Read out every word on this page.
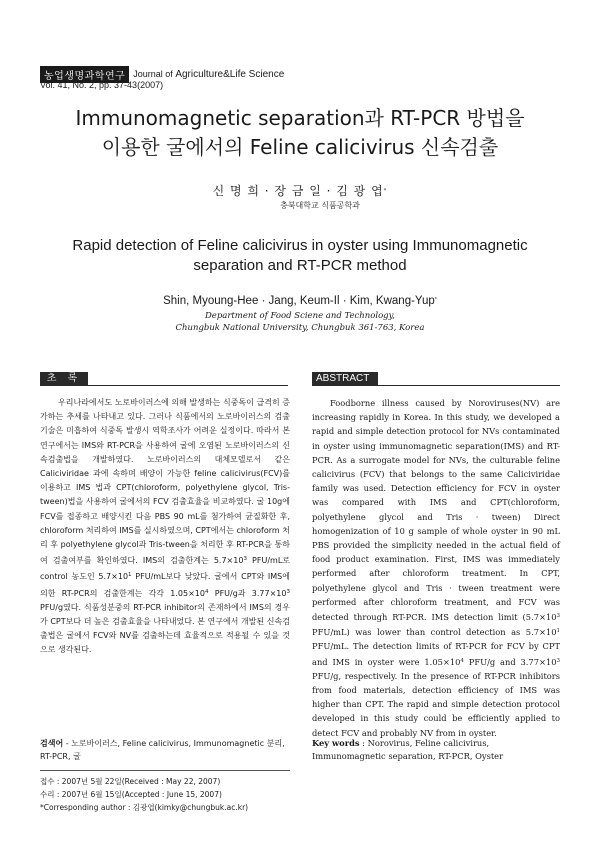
농업생명과학연구 Journal of Agriculture&Life Science
Vol. 41, No. 2, pp. 37-43(2007)
Immunomagnetic separation과 RT-PCR 방법을
이용한 굴에서의 Feline calicivirus 신속검출
신 명 희 · 장 금 일 · 김 광 엽*
충북대학교 식품공학과
Rapid detection of Feline calicivirus in oyster using Immunomagnetic
separation and RT-PCR method
Shin, Myoung-Hee · Jang, Keum-Il · Kim, Kwang-Yup*
Department of Food Sciene and Technology,
Chungbuk National University, Chungbuk 361-763, Korea
초 록	ABSTRACT

우리나라에서도 노로바이러스에 의해 발생하는 식중독이 급격히 증가하는 추세를 나타내고 있다. 그러나 식품에서의 노로바이러스의 검출 기술은 미흡하여 식중독 발생시 역학조사가 어려운 실정이다. 따라서 본 연구에서는 IMS와 RT-PCR을 사용하여 굴에 오염된 노로바이러스의 신속검출법을 개발하였다. 노로바이러스의 대체모델로서 같은 Caliciviridae 과에 속하며 배양이 가능한 feline calicivirus(FCV)를 이용하고 IMS 법과 CPT(chloroform, polyethylene glycol, Tris-tween)법을 사용하여 굴에서의 FCV 검출효율을 비교하였다. 굴 10g에 FCV를 접종하고 배양시킨 다음 PBS 90 mL를 첨가하여 균질화한 후, chloroform 처리하여 IMS를 실시하였으며, CPT에서는 chloroform 처리 후 polyethylene glycol과 Tris-tween을 처리한 후 RT-PCR을 통하여 검출여부를 확인하였다. IMS의 검출한계는 $5.7\times 10^3$ PFU/mL로 control 농도인 $5.7\times 10^1$ PFU/mL보다 낮았다. 굴에서 CPT와 IMS에 의한 RT-PCR의 검출한계는 각각 $1.05\times 10^4$ PFU/g과 $3.77\times 10^3$ PFU/g였다. 식품성분중의 RT-PCR inhibitor의 존재하에서 IMS의 경우가 CPT보다 더 높은 검출효율을 나타내었다. 본 연구에서 개발된 신속검출법은 굴에서 FCV와 NV를 검출하는데 효율적으로 적용될 수 있을 것으로 생각된다.

Foodborne illness caused by Noroviruses(NV) are increasing rapidly in Korea. In this study, we developed a rapid and simple detection protocol for NVs contaminated in oyster using immunomagnetic separation(IMS) and RT-PCR. As a surrogate model for NVs, the culturable feline calicivirus (FCV) that belongs to the same Caliciviridae family was used. Detection efficiency for FCV in oyster was compared with IMS and CPT(chloroform, polyethylene glycol and Tris · tween) Direct homogenization of 10 g sample of whole oyster in 90 mL PBS provided the simplicity needed in the actual field of food product examination. First, IMS was immediately performed after chloroform treatment. In CPT, polyethylene glycol and Tris · tween treatment were performed after chloroform treatment, and FCV was detected through RT-PCR. IMS detection limit ($5.7\times 10^3$ PFU/mL) was lower than control detection as $5.7\times 10^1$ PFU/mL. The detection limits of RT-PCR for FCV by CPT and IMS in oyster were $1.05\times 10^4$ PFU/g and $3.77\times 10^3$ PFU/g, respectively. In the presence of RT-PCR inhibitors from food materials, detection efficiency of IMS was higher than CPT. The rapid and simple detection protocol developed in this study could be efficiently applied to detect FCV and probably NV from in oyster.

검색어 - 노로바이러스, Feline calicivirus, Immunomagnetic 분리, RT-PCR, 굴
Key words : Norovirus, Feline calicivirus, Immunomagnetic separation, RT-PCR, Oyster
접수 : 2007년 5월 22일(Received : May 22, 2007)
수리 : 2007년 6월 15일(Accepted : June 15, 2007)
*Corresponding author : 김광엽(kimky@chungbuk.ac.kr)
